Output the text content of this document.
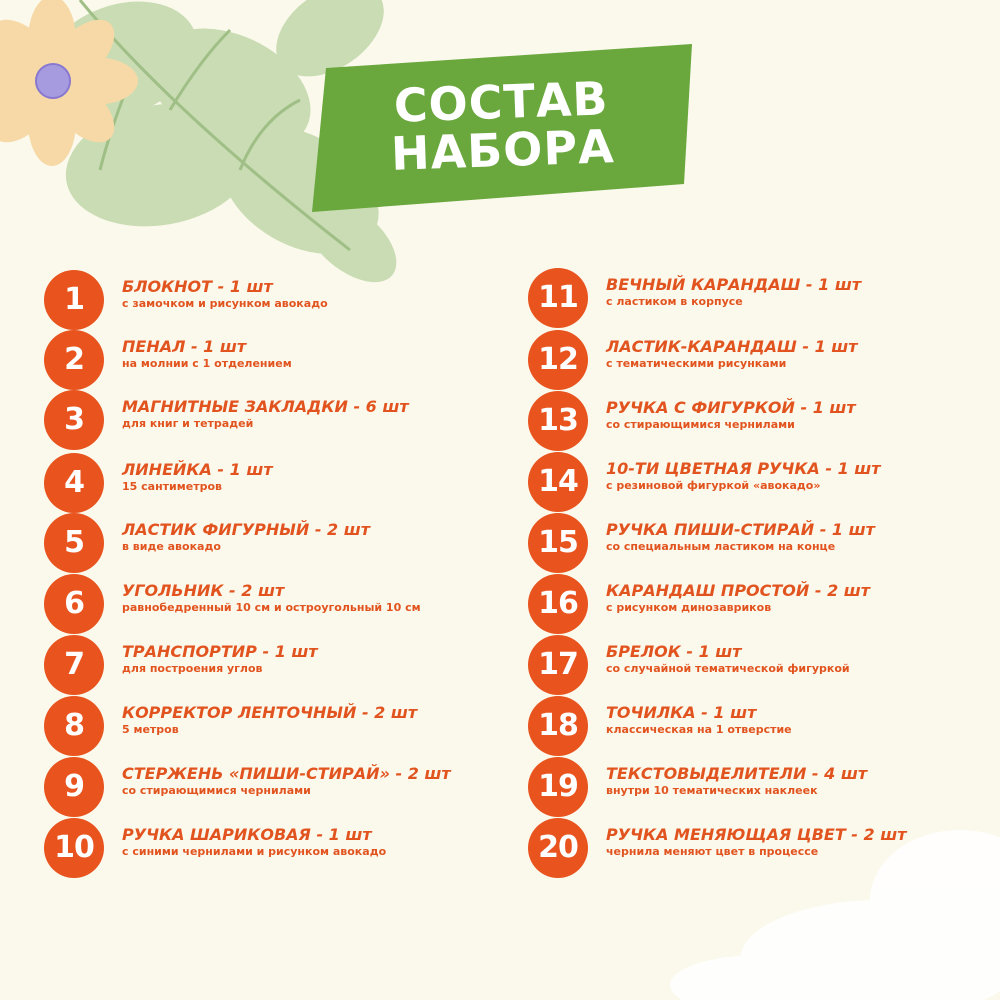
СОСТАВ
НАБОРА
1	БЛОКНОТ - 1 шт
с замочком и рисунком авокадо
2	ПЕНАЛ - 1 шт
на молнии с 1 отделением
3	МАГНИТНЫЕ ЗАКЛАДКИ - 6 шт
для книг и тетрадей
4	ЛИНЕЙКА - 1 шт
15 сантиметров
5	ЛАСТИК ФИГУРНЫЙ - 2 шт
в виде авокадо
6	УГОЛЬНИК - 2 шт
равнобедренный 10 см и остроугольный 10 см
7	ТРАНСПОРТИР - 1 шт
для построения углов
8	КОРРЕКТОР ЛЕНТОЧНЫЙ - 2 шт
5 метров
9	СТЕРЖЕНЬ «ПИШИ-СТИРАЙ» - 2 шт
со стирающимися чернилами
10	РУЧКА ШАРИКОВАЯ - 1 шт
с синими чернилами и рисунком авокадо
11	ВЕЧНЫЙ КАРАНДАШ - 1 шт
с ластиком в корпусе
12	ЛАСТИК-КАРАНДАШ - 1 шт
с тематическими рисунками
13	РУЧКА С ФИГУРКОЙ - 1 шт
со стирающимися чернилами
14	10-ТИ ЦВЕТНАЯ РУЧКА - 1 шт
с резиновой фигуркой «авокадо»
15	РУЧКА ПИШИ-СТИРАЙ - 1 шт
со специальным ластиком на конце
16	КАРАНДАШ ПРОСТОЙ - 2 шт
с рисунком динозавриков
17	БРЕЛОК - 1 шт
со случайной тематической фигуркой
18	ТОЧИЛКА - 1 шт
классическая на 1 отверстие
19	ТЕКСТОВЫДЕЛИТЕЛИ - 4 шт
внутри 10 тематических наклеек
20	РУЧКА МЕНЯЮЩАЯ ЦВЕТ - 2 шт
чернила меняют цвет в процессе
